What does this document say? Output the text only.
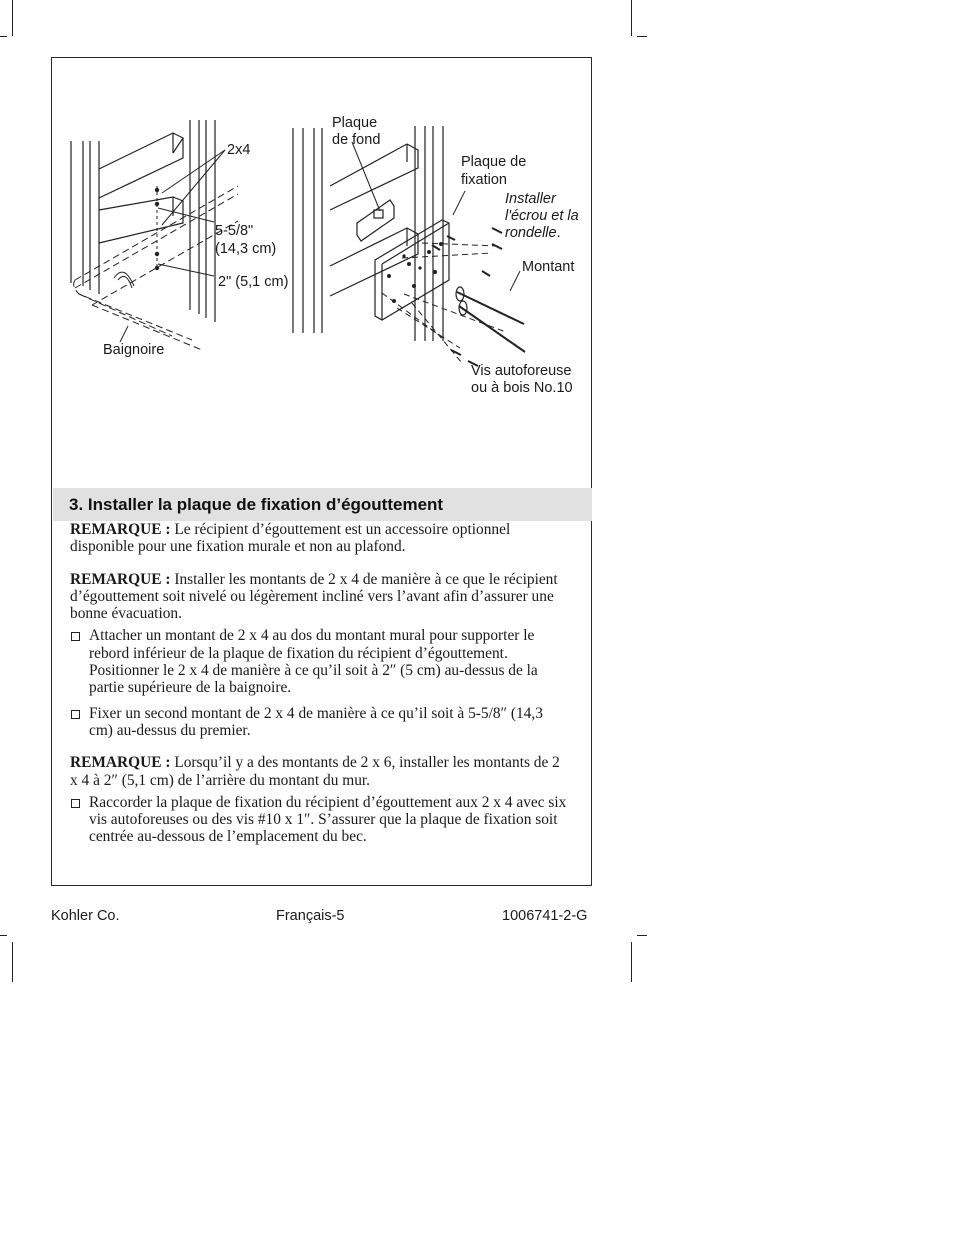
2x4
5-5/8"
(14,3 cm)
2" (5,1 cm)
Baignoire
Plaque
de fond
Plaque de
fixation
Installer
l'écrou et la
rondelle.
Montant
Vis autoforeuse
ou à bois No.10
3. Installer la plaque de fixation d’égouttement

REMARQUE : Le récipient d’égouttement est un accessoire optionnel disponible pour une fixation murale et non au plafond.

REMARQUE : Installer les montants de 2 x 4 de manière à ce que le récipient d’égouttement soit nivelé ou légèrement incliné vers l’avant afin d’assurer une bonne évacuation.

Attacher un montant de 2 x 4 au dos du montant mural pour supporter le rebord inférieur de la plaque de fixation du récipient d’égouttement. Positionner le 2 x 4 de manière à ce qu’il soit à 2″ (5 cm) au-dessus de la partie supérieure de la baignoire.
Fixer un second montant de 2 x 4 de manière à ce qu’il soit à 5-5/8″ (14,3 cm) au-dessus du premier.

REMARQUE : Lorsqu’il y a des montants de 2 x 6, installer les montants de 2 x 4 à 2″ (5,1 cm) de l’arrière du montant du mur.

Raccorder la plaque de fixation du récipient d’égouttement aux 2 x 4 avec six vis autoforeuses ou des vis #10 x 1″. S’assurer que la plaque de fixation soit centrée au-dessous de l’emplacement du bec.
Kohler Co.	Français-5	1006741-2-G
